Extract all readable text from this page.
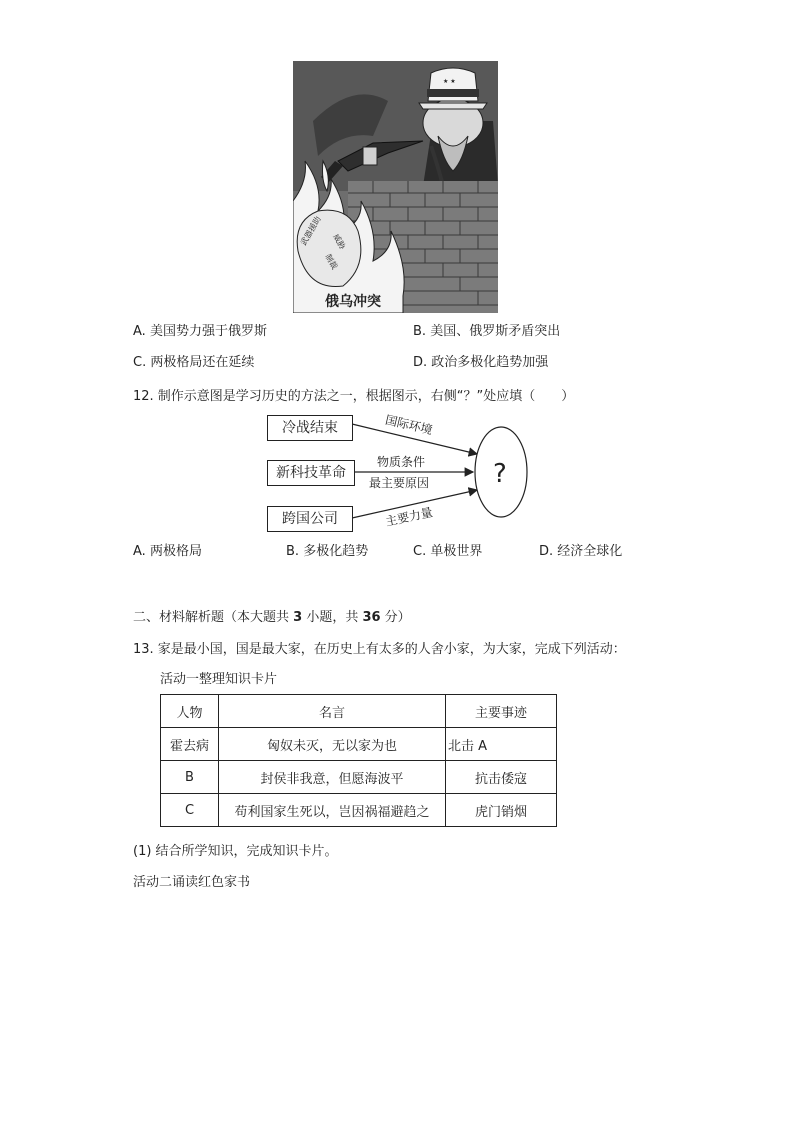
★ ★
武器援助 威胁
制裁
俄乌冲突
A. 美国势力强于俄罗斯	B. 美国、俄罗斯矛盾突出
C. 两极格局还在延续	D. 政治多极化趋势加强
12. 制作示意图是学习历史的方法之一，根据图示，右侧“？”处应填（　　）
?
冷战结束
新科技革命
跨国公司
国际环境
物质条件
最主要原因
主要力量
A. 两极格局	B. 多极化趋势	C. 单极世界	D. 经济全球化
二、材料解析题（本大题共 3 小题，共 36 分）
13. 家是最小国，国是最大家，在历史上有太多的人舍小家，为大家，完成下列活动：
活动一整理知识卡片
人物	名言	主要事迹
霍去病	匈奴未灭，无以家为也	北击 A
B	封侯非我意，但愿海波平	抗击倭寇
C	苟利国家生死以，岂因祸福避趋之	虎门销烟
(1) 结合所学知识，完成知识卡片。
活动二诵读红色家书
